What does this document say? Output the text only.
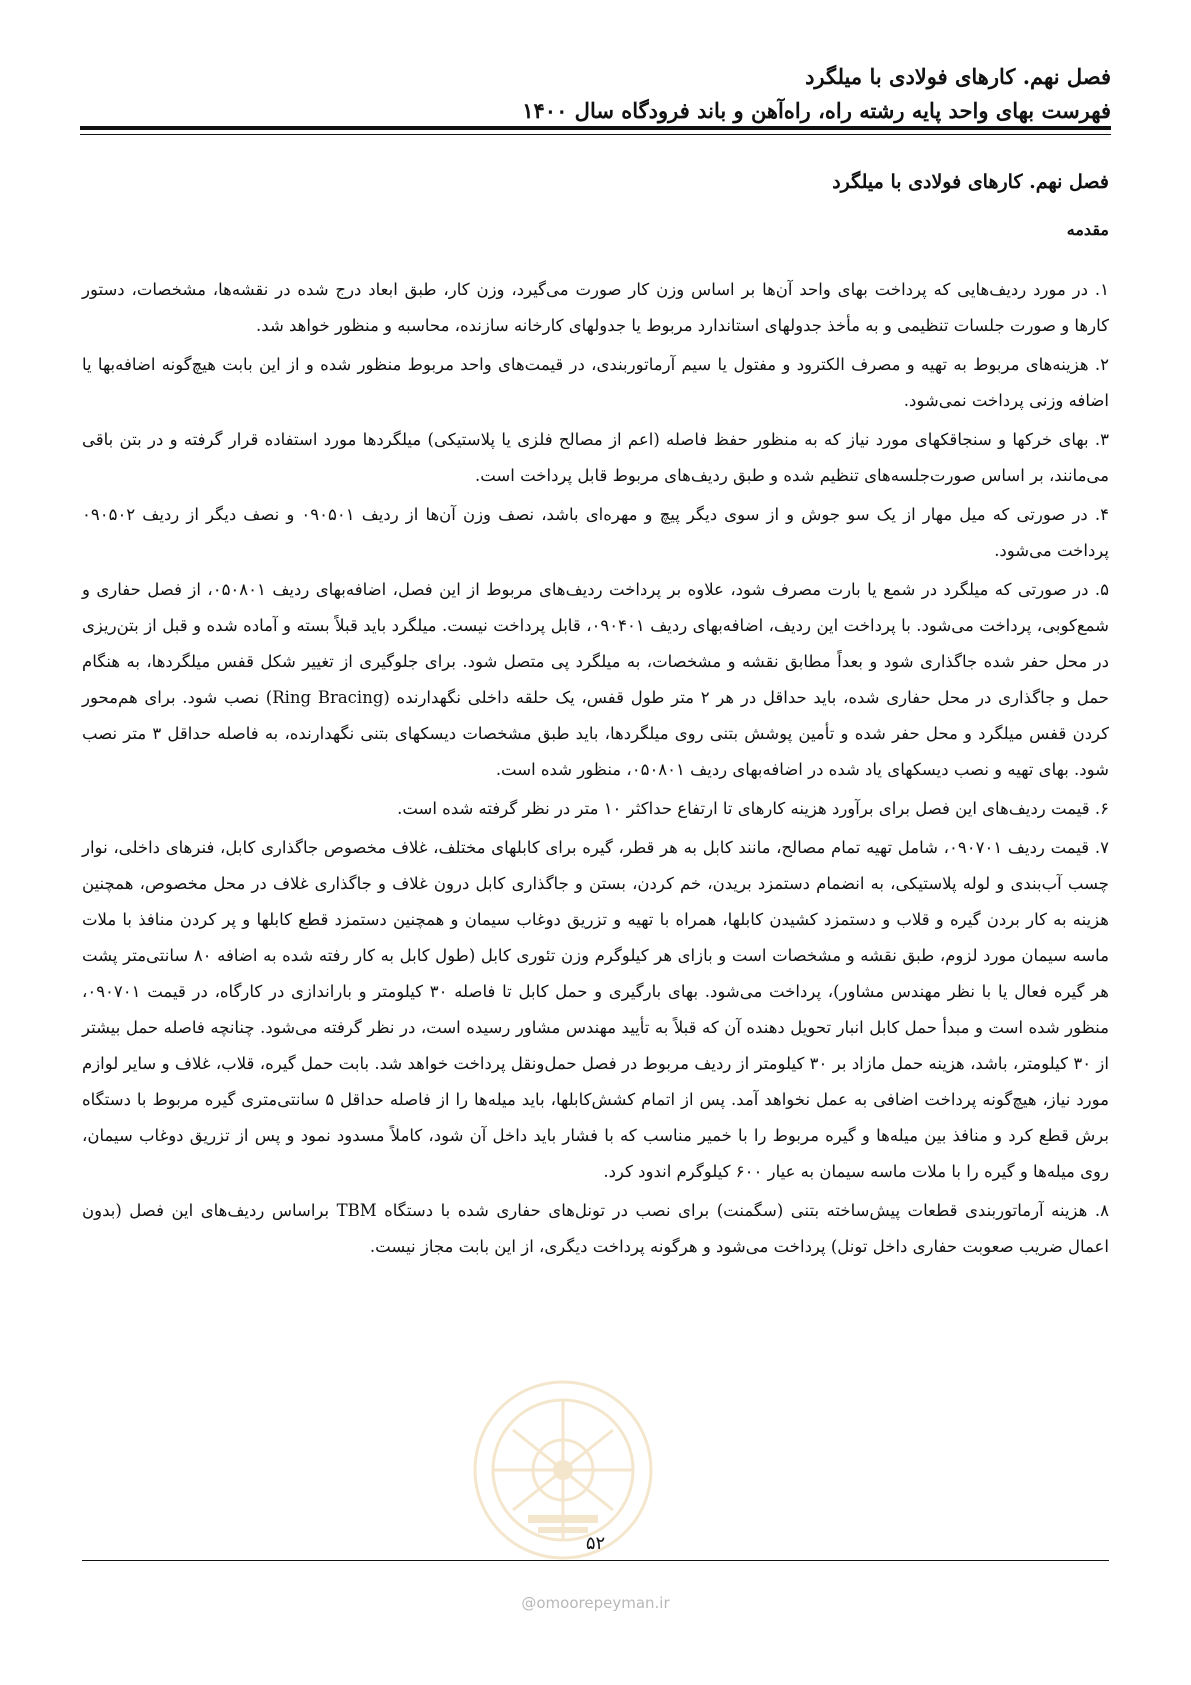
فصل نهم. کارهای فولادی با میلگرد

فهرست بهای واحد پایه رشته راه، راه‌آهن و باند فرودگاه سال ۱۴۰۰

فصل نهم. کارهای فولادی با میلگرد
مقدمه

۱. در مورد ردیف‌هایی که پرداخت بهای واحد آن‌ها بر اساس وزن کار صورت می‌گیرد، وزن کار، طبق ابعاد درج شده در نقشه‌ها، مشخصات، دستور کارها و صورت جلسات تنظیمی و به مأخذ جدولهای استاندارد مربوط یا جدولهای کارخانه سازنده، محاسبه و منظور خواهد شد.

۲. هزینه‌های مربوط به تهیه و مصرف الکترود و مفتول یا سیم آرماتوربندی، در قیمت‌های واحد مربوط منظور شده و از این بابت هیچ‌گونه اضافه‌بها یا اضافه وزنی پرداخت نمی‌شود.

۳. بهای خرکها و سنجاقکهای مورد نیاز که به منظور حفظ فاصله (اعم از مصالح فلزی یا پلاستیکی) میلگردها مورد استفاده قرار گرفته و در بتن باقی می‌مانند، بر اساس صورت‌جلسه‌های تنظیم شده و طبق ردیف‌های مربوط قابل پرداخت است.

۴. در صورتی که میل مهار از یک سو جوش و از سوی دیگر پیچ و مهره‌ای باشد، نصف وزن آن‌ها از ردیف ۰۹۰۵۰۱ و نصف دیگر از ردیف ۰۹۰۵۰۲ پرداخت می‌شود.

۵. در صورتی که میلگرد در شمع یا بارت مصرف شود، علاوه بر پرداخت ردیف‌های مربوط از این فصل، اضافه‌بهای ردیف ۰۵۰۸۰۱، از فصل حفاری و شمع‌کوبی، پرداخت می‌شود. با پرداخت این ردیف، اضافه‌بهای ردیف ۰۹۰۴۰۱، قابل پرداخت نیست. میلگرد باید قبلاً بسته و آماده شده و قبل از بتن‌ریزی در محل حفر شده جاگذاری شود و بعداً مطابق نقشه و مشخصات، به میلگرد پی متصل شود. برای جلوگیری از تغییر شکل قفس میلگردها، به هنگام حمل و جاگذاری در محل حفاری شده، باید حداقل در هر ۲ متر طول قفس، یک حلقه داخلی نگهدارنده (Ring Bracing) نصب شود. برای هم‌محور کردن قفس میلگرد و محل حفر شده و تأمین پوشش بتنی روی میلگردها، باید طبق مشخصات دیسکهای بتنی نگهدارنده، به فاصله حداقل ۳ متر نصب شود. بهای تهیه و نصب دیسکهای یاد شده در اضافه‌بهای ردیف ۰۵۰۸۰۱، منظور شده است.

۶. قیمت ردیف‌های این فصل برای برآورد هزینه کارهای تا ارتفاع حداکثر ۱۰ متر در نظر گرفته شده است.

۷. قیمت ردیف ۰۹۰۷۰۱، شامل تهیه تمام مصالح، مانند کابل به هر قطر، گیره برای کابلهای مختلف، غلاف مخصوص جاگذاری کابل، فنرهای داخلی، نوار چسب آب‌بندی و لوله پلاستیکی، به انضمام دستمزد بریدن، خم کردن، بستن و جاگذاری کابل درون غلاف و جاگذاری غلاف در محل مخصوص، همچنین هزینه به کار بردن گیره و قلاب و دستمزد کشیدن کابلها، همراه با تهیه و تزریق دوغاب سیمان و همچنین دستمزد قطع کابلها و پر کردن منافذ با ملات ماسه سیمان مورد لزوم، طبق نقشه و مشخصات است و بازای هر کیلوگرم وزن تئوری کابل (طول کابل به کار رفته شده به اضافه ۸۰ سانتی‌متر پشت هر گیره فعال یا با نظر مهندس مشاور)، پرداخت می‌شود. بهای بارگیری و حمل کابل تا فاصله ۳۰ کیلومتر و باراندازی در کارگاه، در قیمت ۰۹۰۷۰۱، منظور شده است و مبدأ حمل کابل انبار تحویل دهنده آن که قبلاً به تأیید مهندس مشاور رسیده است، در نظر گرفته می‌شود. چنانچه فاصله حمل بیشتر از ۳۰ کیلومتر، باشد، هزینه حمل مازاد بر ۳۰ کیلومتر از ردیف مربوط در فصل حمل‌ونقل پرداخت خواهد شد. بابت حمل گیره، قلاب، غلاف و سایر لوازم مورد نیاز، هیچ‌گونه پرداخت اضافی به عمل نخواهد آمد. پس از اتمام کشش‌کابلها، باید میله‌ها را از فاصله حداقل ۵ سانتی‌متری گیره مربوط با دستگاه برش قطع کرد و منافذ بین میله‌ها و گیره مربوط را با خمیر مناسب که با فشار باید داخل آن شود، کاملاً مسدود نمود و پس از تزریق دوغاب سیمان، روی میله‌ها و گیره را با ملات ماسه سیمان به عیار ۶۰۰ کیلوگرم اندود کرد.

۸. هزینه آرماتوربندی قطعات پیش‌ساخته بتنی (سگمنت) برای نصب در تونل‌های حفاری شده با دستگاه TBM براساس ردیف‌های این فصل (بدون اعمال ضریب صعوبت حفاری داخل تونل) پرداخت می‌شود و هرگونه پرداخت دیگری، از این بابت مجاز نیست.

۵۲
@omoorepeyman.ir
